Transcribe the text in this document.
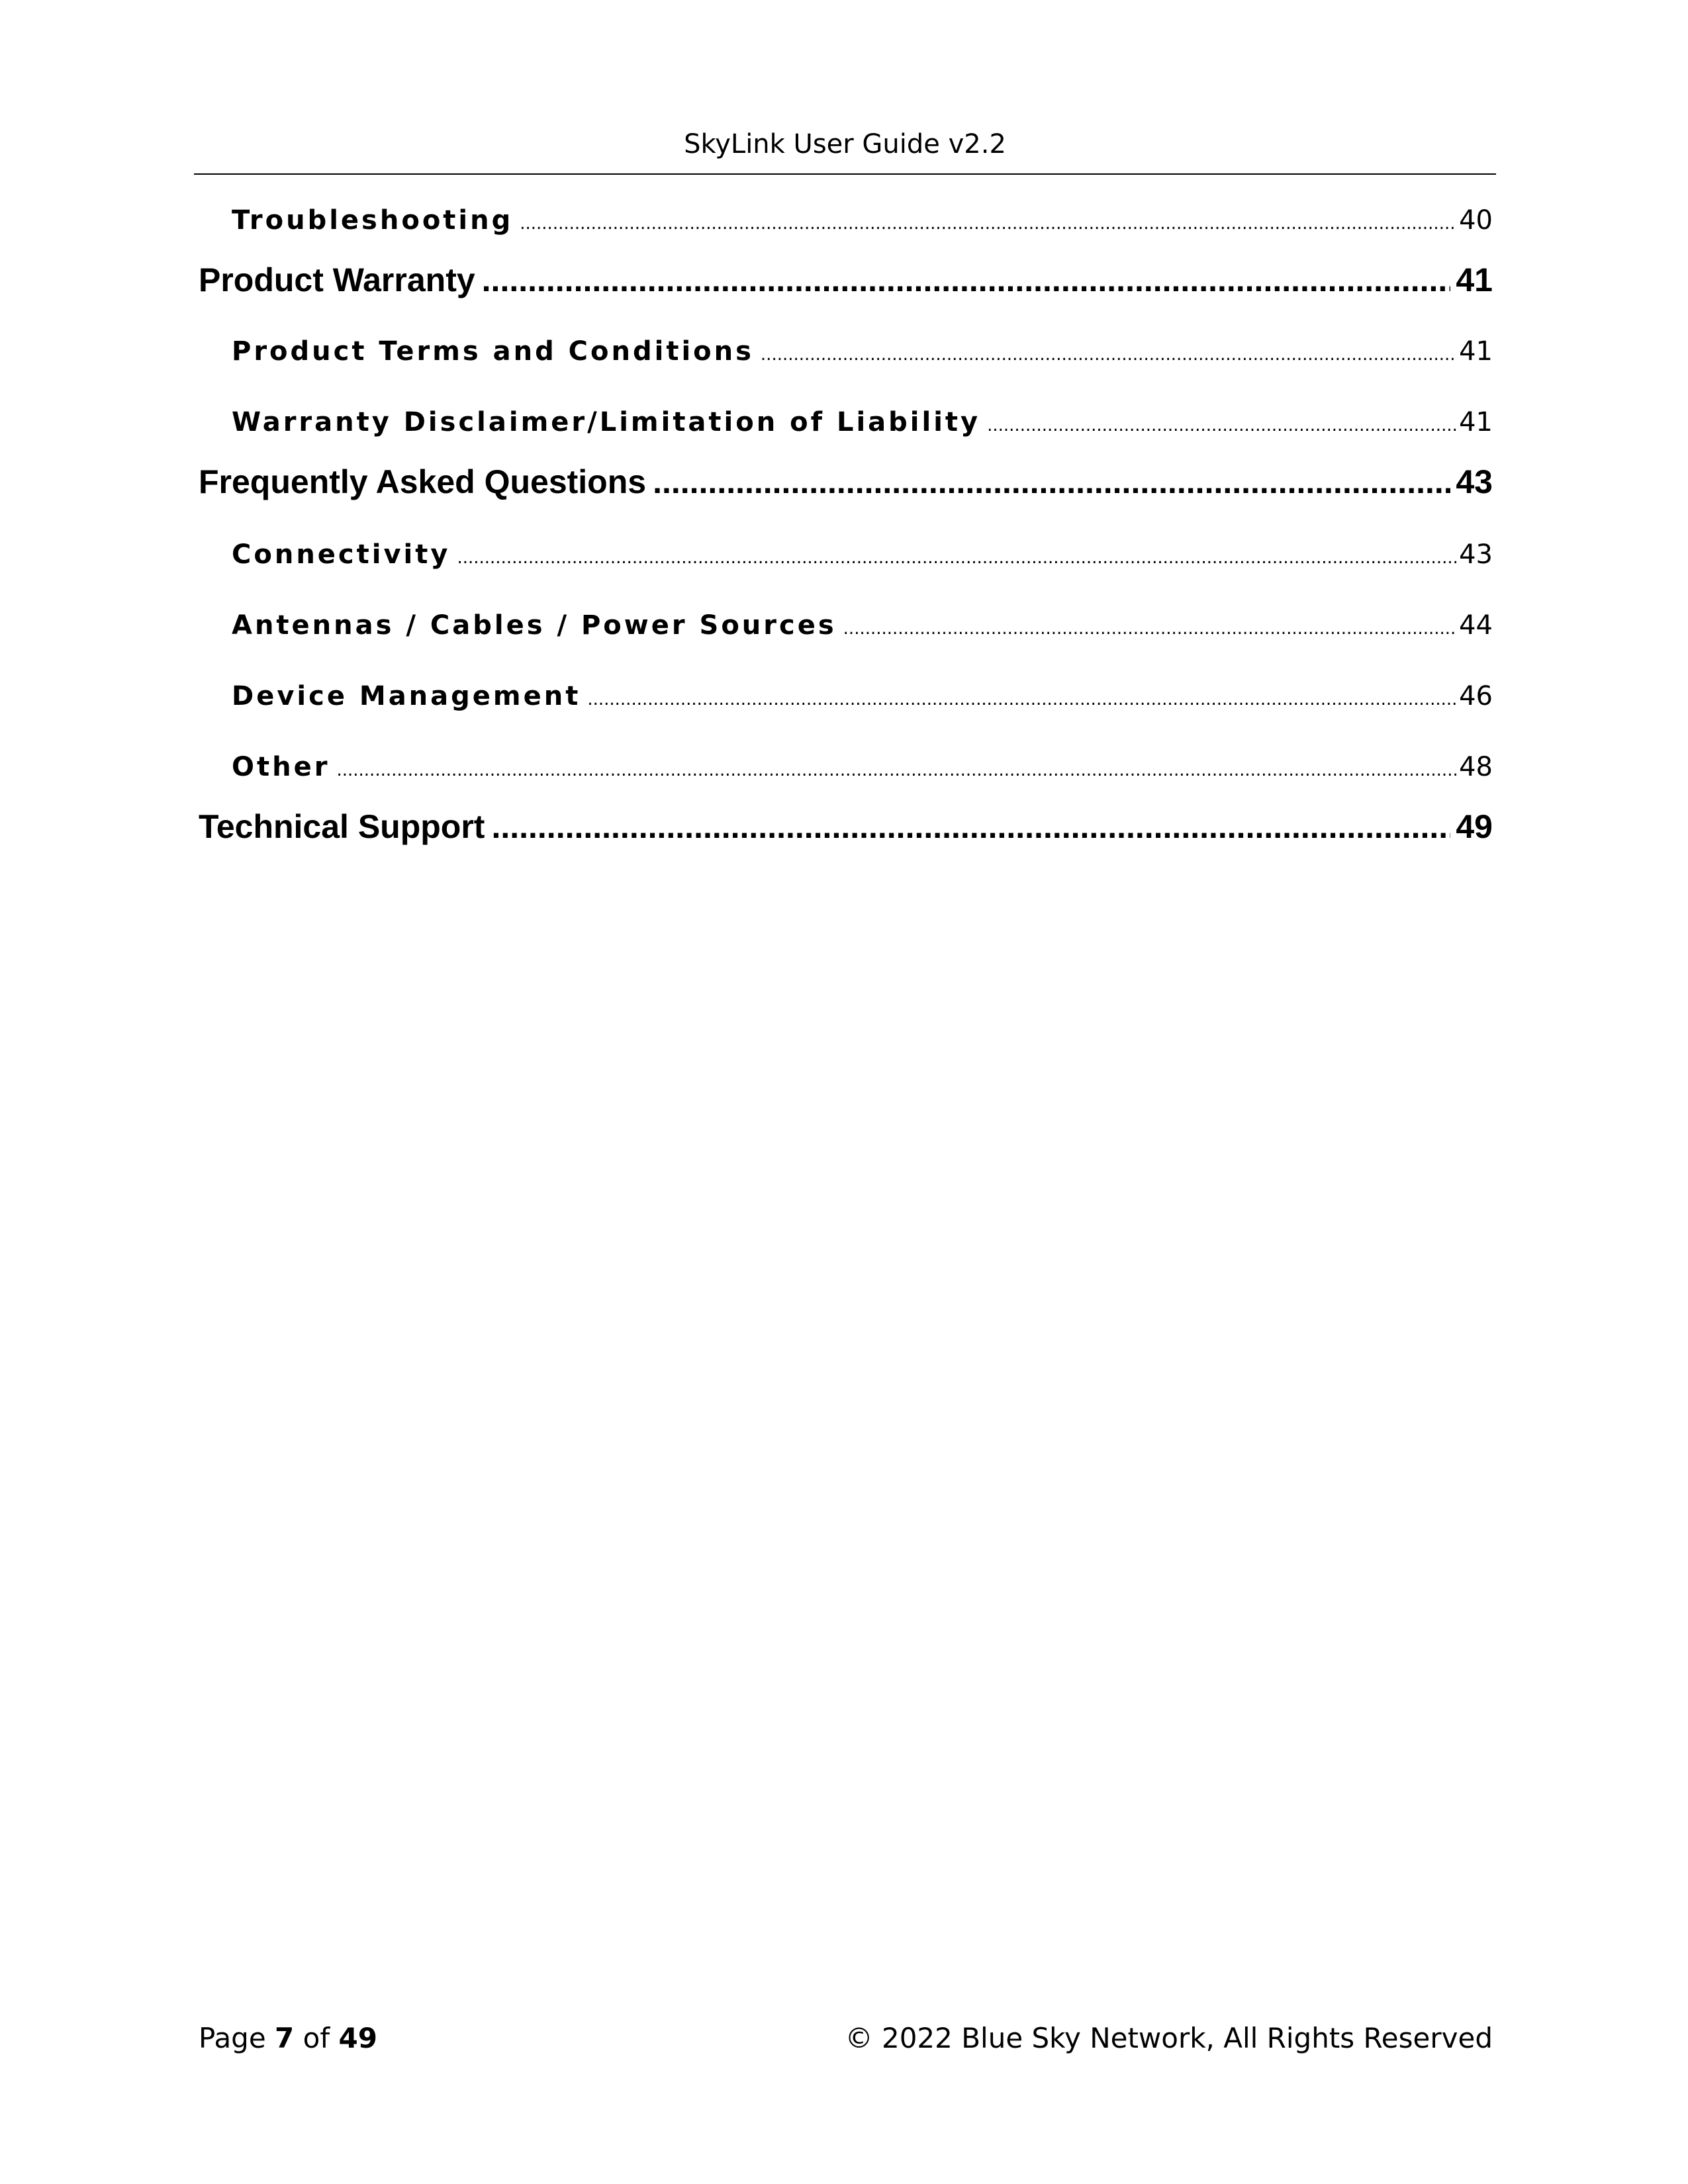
SkyLink User Guide v2.2
Troubleshooting .....	40
Product Warranty .....	41
Product Terms and Conditions .....	41
Warranty Disclaimer/Limitation of Liability .....	41
Frequently Asked Questions .....	43
Connectivity .....	43
Antennas / Cables / Power Sources .....	44
Device Management .....	46
Other .....	48
Technical Support .....	49
Page 7 of 49	© 2022 Blue Sky Network, All Rights Reserved
